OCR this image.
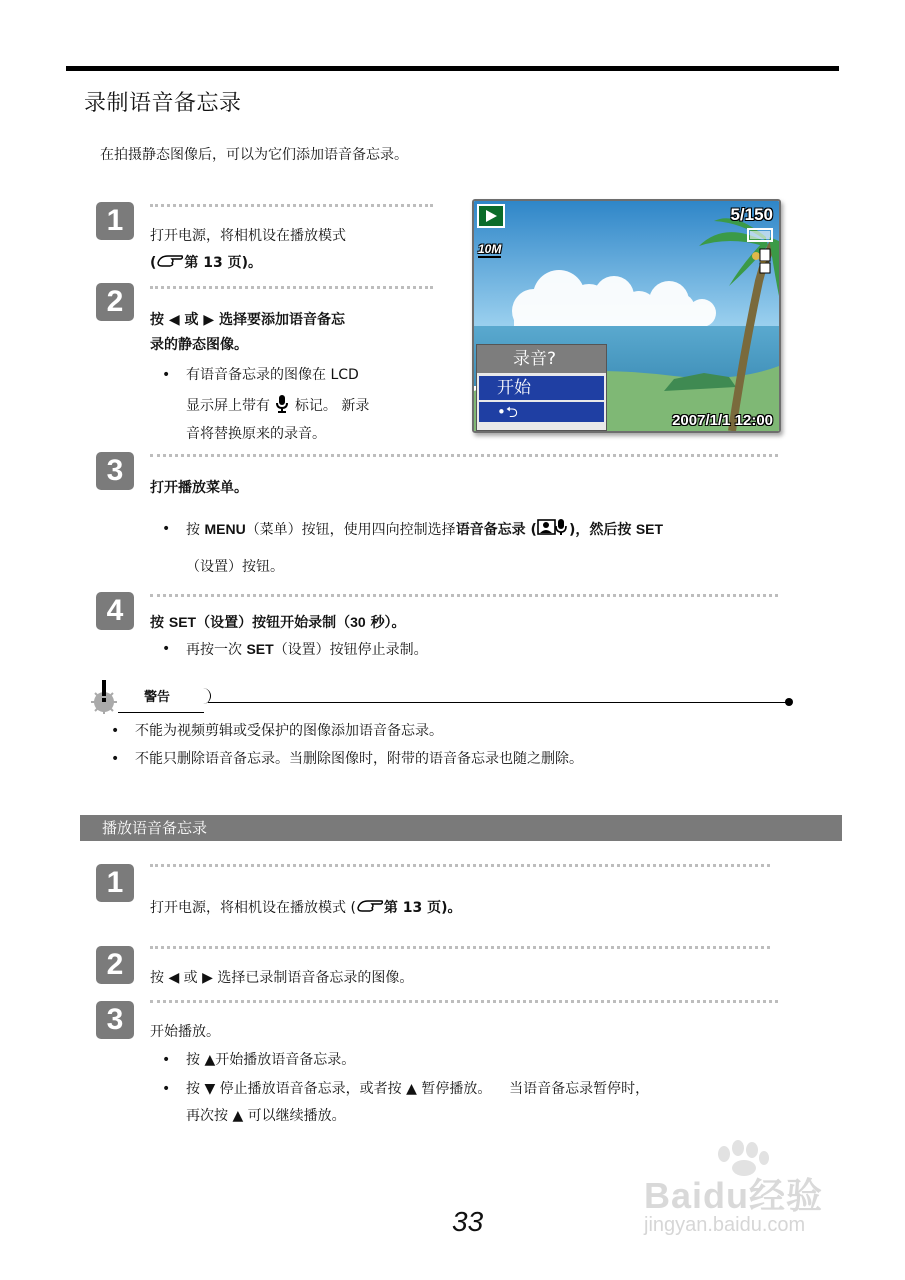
录制语音备忘录
在拍摄静态图像后，可以为它们添加语音备忘录。
1	打开电源，将相机设在播放模式
( 第 13 页)。
2
按 ◀ 或 ▶ 选择要添加语音备忘
录的静态图像。
• 有语音备忘录的图像在 LCD
显示屏上带有 标记。 新录
音将替换原来的录音。
5/150
10M
2007/1/1 12:00
录音?
开始
•⮌
3
打开播放菜单。
• 按 MENU（菜单）按钮，使用四向控制选择语音备忘录 ( )，然后按 SET
（设置）按钮。
4	按 SET（设置）按钮开始录制（30 秒）。
• 再按一次 SET（设置）按钮停止录制。
警告
• 不能为视频剪辑或受保护的图像添加语音备忘录。
• 不能只删除语音备忘录。当删除图像时，附带的语音备忘录也随之删除。
播放语音备忘录
1
打开电源，将相机设在播放模式 ( 第 13 页)。
2	按 ◀ 或 ▶ 选择已录制语音备忘录的图像。
3	开始播放。
• 按 ▲开始播放语音备忘录。
• 按 ▼ 停止播放语音备忘录，或者按 ▲ 暂停播放。    当语音备忘录暂停时，
再次按 ▲ 可以继续播放。
Baidu经验
jingyan.baidu.com
33
